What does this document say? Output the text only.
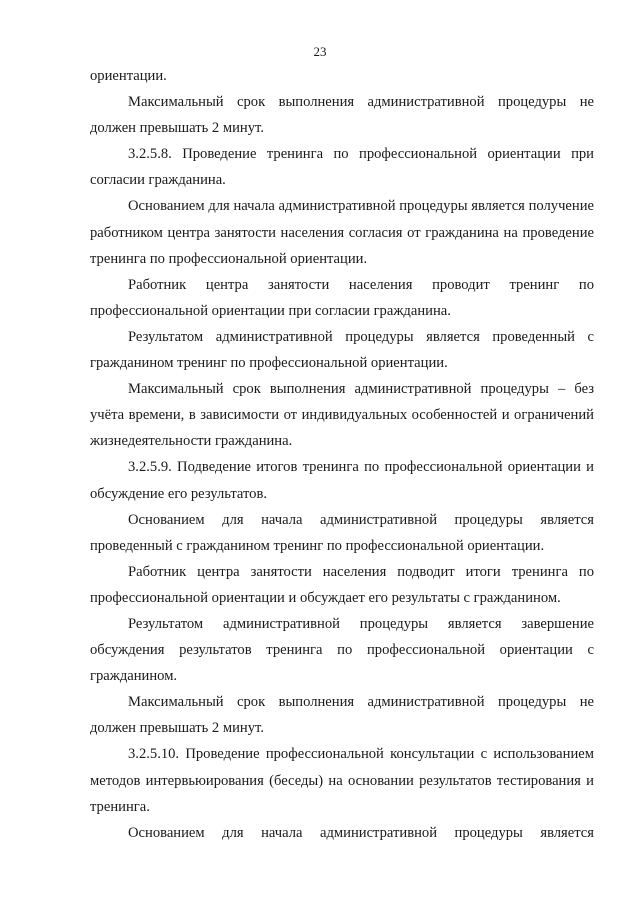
23

ориентации.

Максимальный срок выполнения административной процедуры не должен превышать 2 минут.

3.2.5.8. Проведение тренинга по профессиональной ориентации при согласии гражданина.

Основанием для начала административной процедуры является получение работником центра занятости населения согласия от гражданина на проведение тренинга по профессиональной ориентации.

Работник центра занятости населения проводит тренинг по профессиональной ориентации при согласии гражданина.

Результатом административной процедуры является проведенный с гражданином тренинг по профессиональной ориентации.

Максимальный срок выполнения административной процедуры – без учёта времени, в зависимости от индивидуальных особенностей и ограничений жизнедеятельности гражданина.

3.2.5.9. Подведение итогов тренинга по профессиональной ориентации и обсуждение его результатов.

Основанием для начала административной процедуры является проведенный с гражданином тренинг по профессиональной ориентации.

Работник центра занятости населения подводит итоги тренинга по профессиональной ориентации и обсуждает его результаты с гражданином.

Результатом административной процедуры является завершение обсуждения результатов тренинга по профессиональной ориентации с гражданином.

Максимальный срок выполнения административной процедуры не должен превышать 2 минут.

3.2.5.10. Проведение профессиональной консультации с использованием методов интервьюирования (беседы) на основании результатов тестирования и тренинга.

Основанием для начала административной процедуры является
